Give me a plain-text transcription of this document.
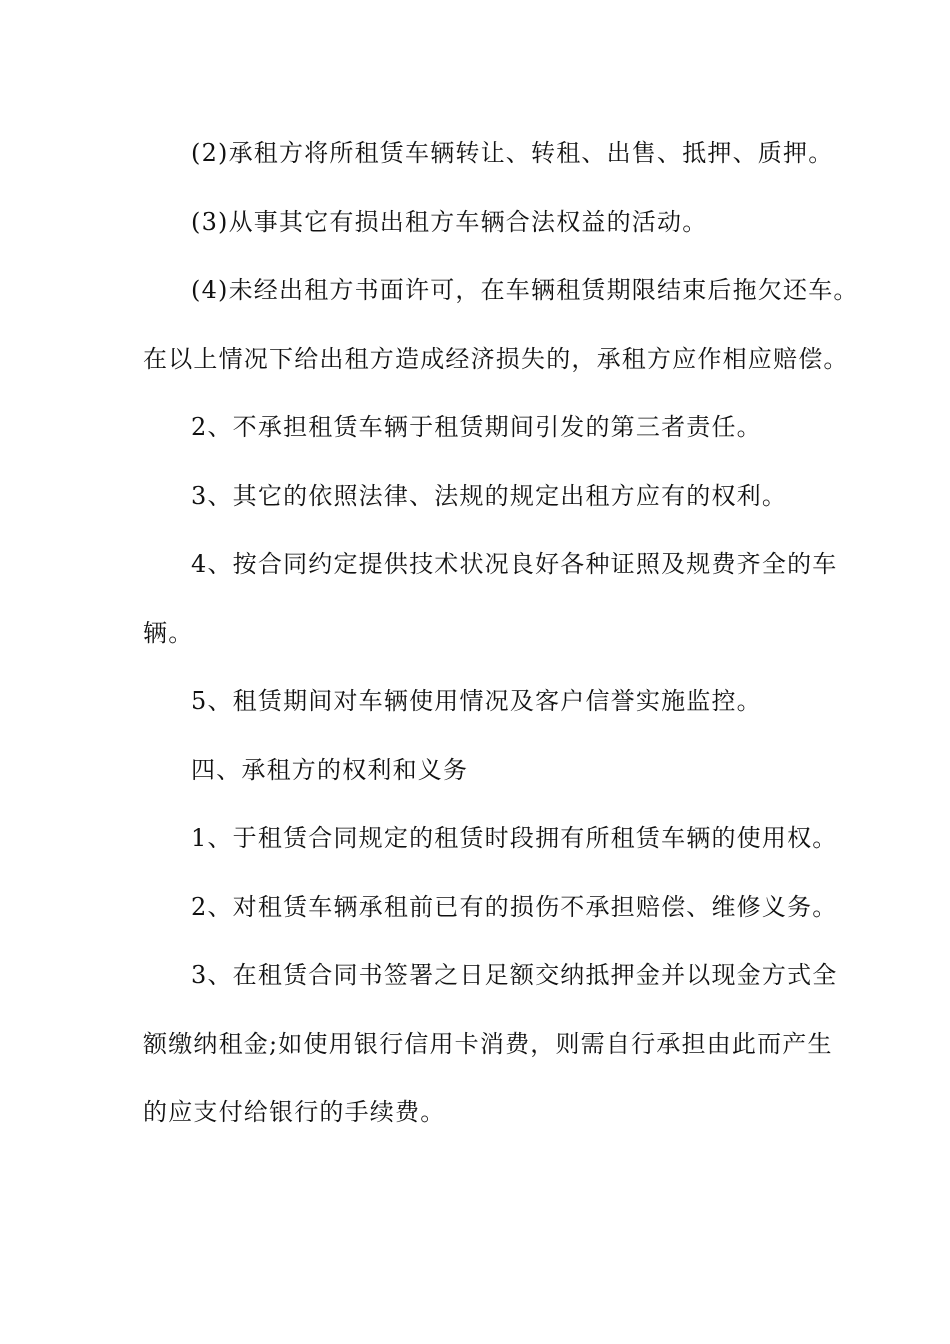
(2)承租方将所租赁车辆转让、转租、出售、抵押、质押。

(3)从事其它有损出租方车辆合法权益的活动。

(4)未经出租方书面许可，在车辆租赁期限结束后拖欠还车。

在以上情况下给出租方造成经济损失的，承租方应作相应赔偿。

2、不承担租赁车辆于租赁期间引发的第三者责任。

3、其它的依照法律、法规的规定出租方应有的权利。

4、按合同约定提供技术状况良好各种证照及规费齐全的车

辆。

5、租赁期间对车辆使用情况及客户信誉实施监控。

四、承租方的权利和义务

1、于租赁合同规定的租赁时段拥有所租赁车辆的使用权。

2、对租赁车辆承租前已有的损伤不承担赔偿、维修义务。

3、在租赁合同书签署之日足额交纳抵押金并以现金方式全

额缴纳租金;如使用银行信用卡消费，则需自行承担由此而产生

的应支付给银行的手续费。
